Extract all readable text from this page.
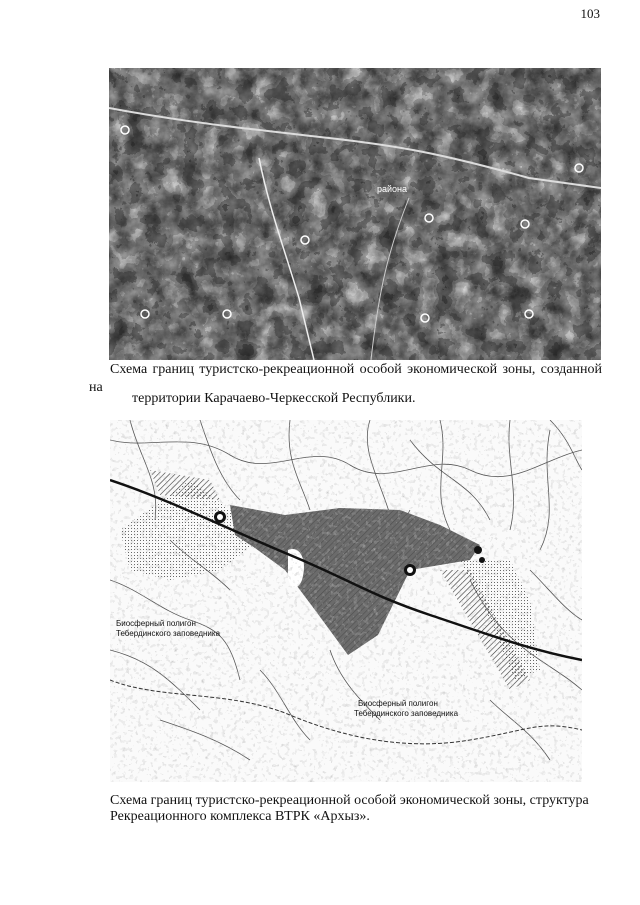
103
района
Схема границ туристско-рекреационной особой экономической зоны, созданной
на
территории Карачаево-Черкесской Республики.
Биосферный полигон
Тебердинского заповедника
Биосферный полигон
Тебердинского заповедника
Схема границ туристско-рекреационной особой экономической зоны, структура
Рекреационного комплекса ВТРК «Архыз».
